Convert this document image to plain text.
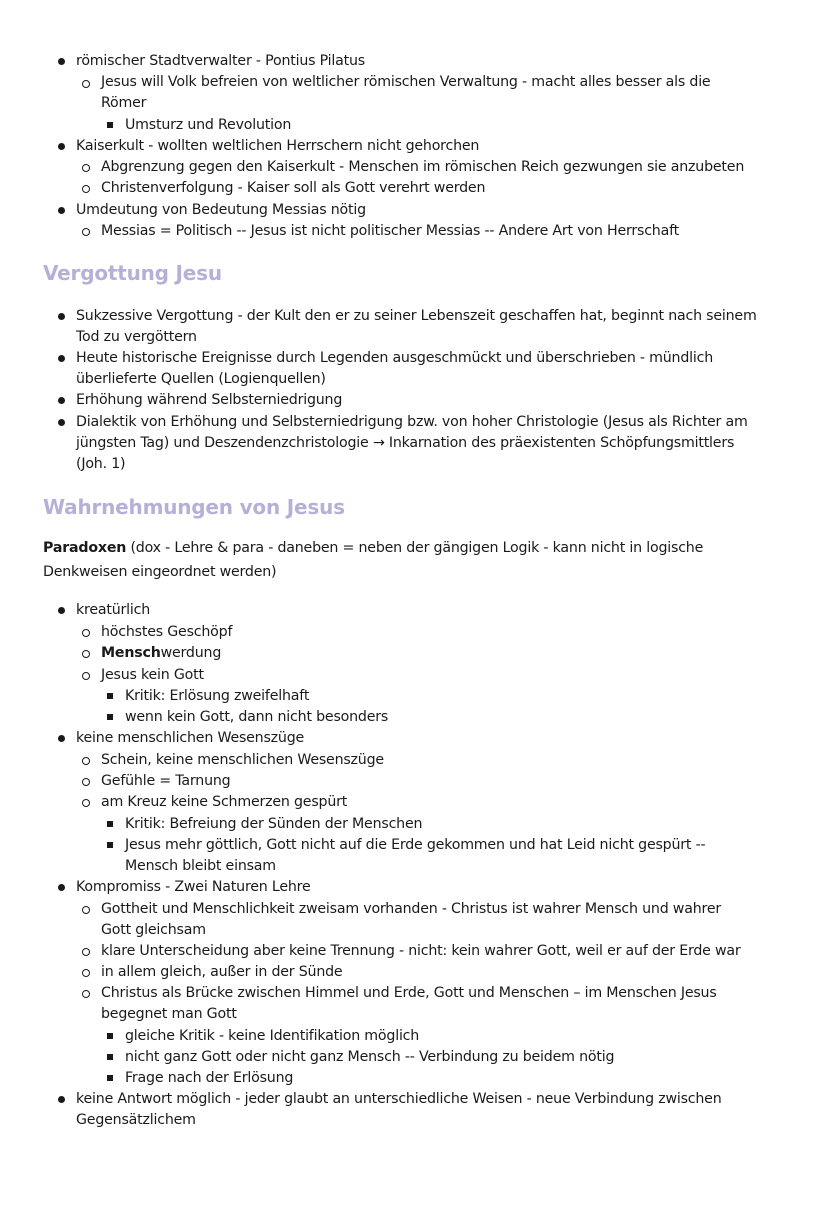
römischer Stadtverwalter - Pontius Pilatus
Jesus will Volk befreien von weltlicher römischen Verwaltung - macht alles besser als die
Römer
Umsturz und Revolution
Kaiserkult - wollten weltlichen Herrschern nicht gehorchen
Abgrenzung gegen den Kaiserkult - Menschen im römischen Reich gezwungen sie anzubeten
Christenverfolgung - Kaiser soll als Gott verehrt werden
Umdeutung von Bedeutung Messias nötig
Messias = Politisch -- Jesus ist nicht politischer Messias -- Andere Art von Herrschaft
Vergottung Jesu
Sukzessive Vergottung - der Kult den er zu seiner Lebenszeit geschaffen hat, beginnt nach seinem
Tod zu vergöttern
Heute historische Ereignisse durch Legenden ausgeschmückt und überschrieben - mündlich
überlieferte Quellen (Logienquellen)
Erhöhung während Selbsterniedrigung
Dialektik von Erhöhung und Selbsterniedrigung bzw. von hoher Christologie (Jesus als Richter am
jüngsten Tag) und Deszendenzchristologie → Inkarnation des präexistenten Schöpfungsmittlers
(Joh. 1)
Wahrnehmungen von Jesus
Paradoxen (dox - Lehre & para - daneben = neben der gängigen Logik - kann nicht in logische
Denkweisen eingeordnet werden)
kreatürlich
höchstes Geschöpf
Menschwerdung
Jesus kein Gott
Kritik: Erlösung zweifelhaft
wenn kein Gott, dann nicht besonders
keine menschlichen Wesenszüge
Schein, keine menschlichen Wesenszüge
Gefühle = Tarnung
am Kreuz keine Schmerzen gespürt
Kritik: Befreiung der Sünden der Menschen
Jesus mehr göttlich, Gott nicht auf die Erde gekommen und hat Leid nicht gespürt --
Mensch bleibt einsam
Kompromiss - Zwei Naturen Lehre
Gottheit und Menschlichkeit zweisam vorhanden - Christus ist wahrer Mensch und wahrer
Gott gleichsam
klare Unterscheidung aber keine Trennung - nicht: kein wahrer Gott, weil er auf der Erde war
in allem gleich, außer in der Sünde
Christus als Brücke zwischen Himmel und Erde, Gott und Menschen – im Menschen Jesus
begegnet man Gott
gleiche Kritik - keine Identifikation möglich
nicht ganz Gott oder nicht ganz Mensch -- Verbindung zu beidem nötig
Frage nach der Erlösung
keine Antwort möglich - jeder glaubt an unterschiedliche Weisen - neue Verbindung zwischen
Gegensätzlichem
